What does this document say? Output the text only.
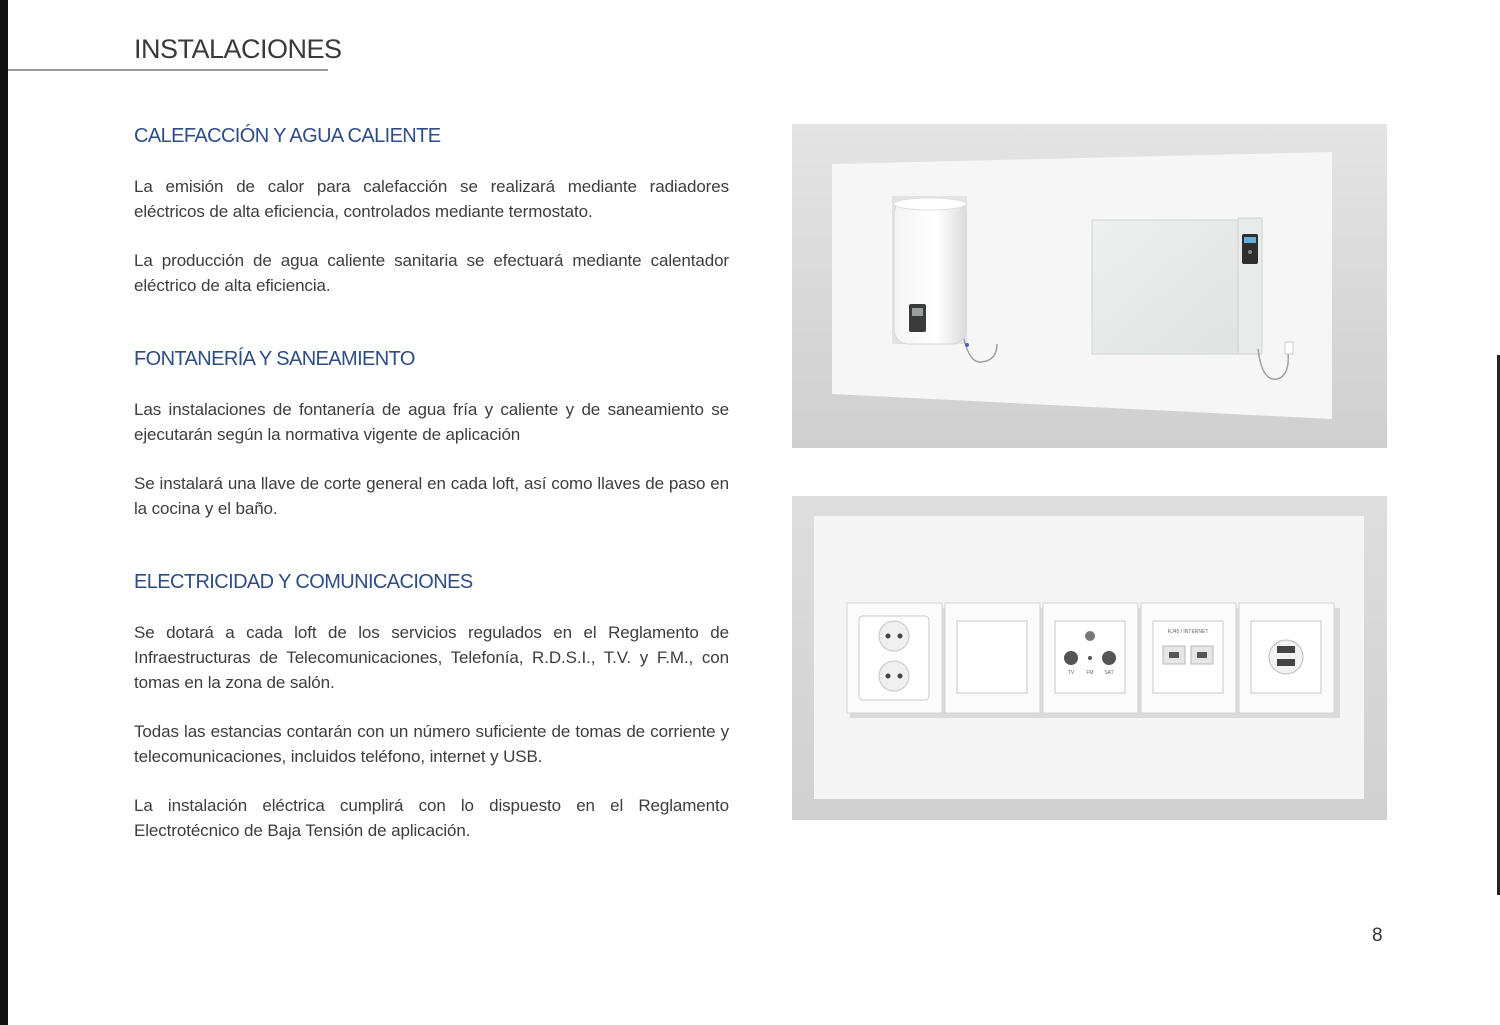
INSTALACIONES
CALEFACCIÓN Y AGUA CALIENTE

La emisión de calor para calefacción se realizará mediante radiadores eléctricos de alta eficiencia, controlados mediante termostato.

La producción de agua caliente sanitaria se efectuará mediante calentador eléctrico de alta eficiencia.

FONTANERÍA Y SANEAMIENTO

Las instalaciones de fontanería de agua fría y caliente y de saneamiento se ejecutarán según la normativa vigente de aplicación

Se instalará una llave de corte general en cada loft, así como llaves de paso en la cocina y el baño.

ELECTRICIDAD Y COMUNICACIONES

Se dotará a cada loft de los servicios regulados en el Reglamento de Infraestructuras de Telecomunicaciones, Telefonía, R.D.S.I., T.V. y F.M., con tomas en la zona de salón.

Todas las estancias contarán con un número suficiente de tomas de corriente y telecomunicaciones, incluidos teléfono, internet y USB.

La instalación eléctrica cumplirá con lo dispuesto en el Reglamento Electrotécnico de Baja Tensión de aplicación.

TV FM SAT
RJ45 / INTERNET
8
